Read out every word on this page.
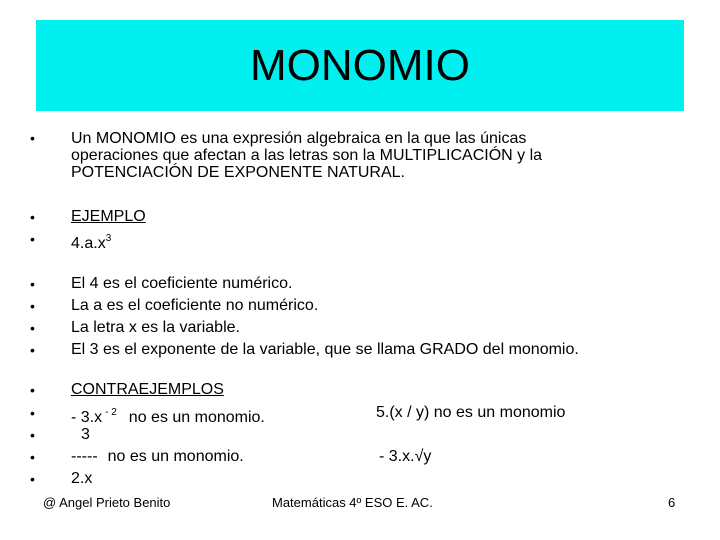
MONOMIO
• Un MONOMIO es una expresión algebraica en la que las únicas
operaciones que afectan a las letras son la MULTIPLICACIÓN y la
POTENCIACIÓN DE EXPONENTE NATURAL.
• EJEMPLO
• $4.a.x^3$
• El 4 es el coeficiente numérico.
• La a es el coeficiente no numérico.
• La letra x es la variable.
• El 3 es el exponente de la variable, que se llama GRADO del monomio.
• CONTRAEJEMPLOS
• - 3.x $^{- 2}$ no es un monomio.	5.(x / y) no es un monomio
•	3
• ----- no es un monomio.	- 3.x.√y
• 2.x
@ Angel Prieto Benito	Matemáticas 4º ESO E. AC.	6
